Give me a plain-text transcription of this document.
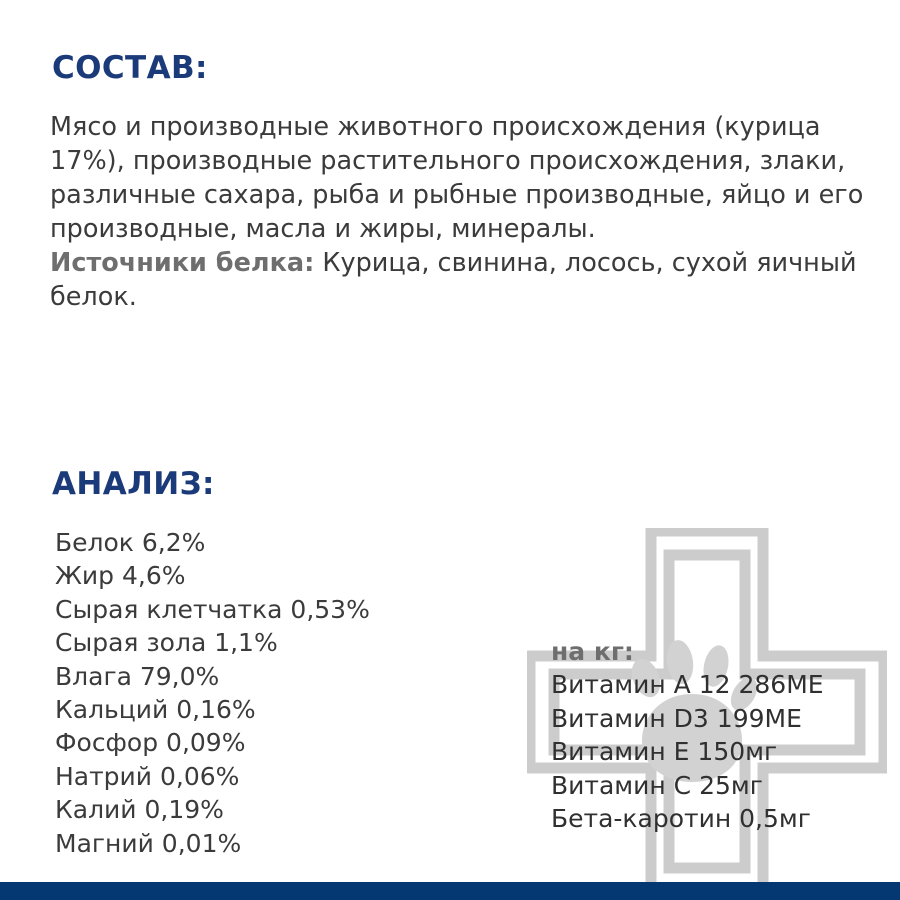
СОСТАВ:

Мясо и производные животного происхождения (курица 17%), производные растительного происхождения, злаки, различные сахара, рыба и рыбные производные, яйцо и его производные, масла и жиры, минералы.

Источники белка: Курица, свинина, лосось, сухой яичный белок.

АНАЛИЗ:
Белок 6,2%
Жир 4,6%
Сырая клетчатка 0,53%
Сырая зола 1,1%
Влага 79,0%
Кальций 0,16%
Фосфор 0,09%
Натрий 0,06%
Калий 0,19%
Магний 0,01%
на кг:
Витамин А 12 286МЕ
Витамин D3 199МЕ
Витамин Е 150мг
Витамин С 25мг
Бета-каротин 0,5мг
